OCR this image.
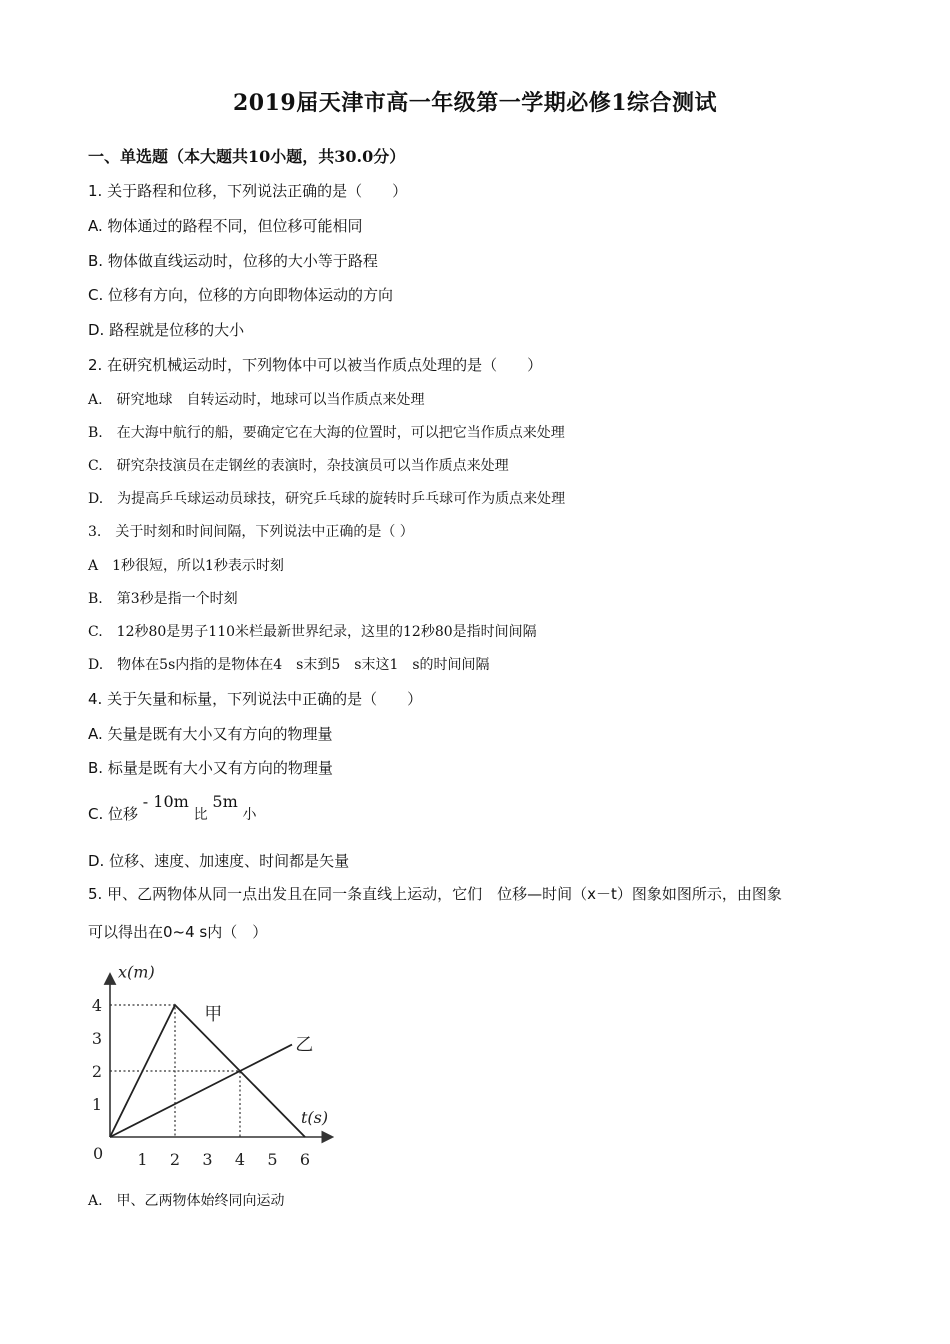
2019届天津市高一年级第一学期必修1综合测试
一、单选题（本大题共10小题，共30.0分）
1. 关于路程和位移，下列说法正确的是（　　）
A. 物体通过的路程不同，但位移可能相同
B. 物体做直线运动时，位移的大小等于路程
C. 位移有方向，位移的方向即物体运动的方向
D. 路程就是位移的大小
2. 在研究机械运动时，下列物体中可以被当作质点处理的是（　　）
A.　研究地球　自转运动时，地球可以当作质点来处理
B.　在大海中航行的船，要确定它在大海的位置时，可以把它当作质点来处理
C.　研究杂技演员在走钢丝的表演时，杂技演员可以当作质点来处理
D.　为提高乒乓球运动员球技，研究乒乓球的旋转时乒乓球可作为质点来处理
3.　关于时刻和时间间隔，下列说法中正确的是（ ）
A　1秒很短，所以1秒表示时刻
B.　第3秒是指一个时刻
C.　12秒80是男子110米栏最新世界纪录，这里的12秒80是指时间间隔
D.　物体在5s内指的是物体在4　s末到5　s末这1　s的时间间隔
4. 关于矢量和标量，下列说法中正确的是（　　）
A. 矢量是既有大小又有方向的物理量
B. 标量是既有大小又有方向的物理量
C. 位移 - 10m 比 5m 小
D. 位移、速度、加速度、时间都是矢量
5. 甲、乙两物体从同一点出发且在同一条直线上运动，它们　位移—时间（x－t）图象如图所示，由图象
可以得出在0~4 s内（　）
甲
乙
1 2 3 4 5 6
1
2
3
4
t(s)
x(m)
0
A.　甲、乙两物体始终同向运动
